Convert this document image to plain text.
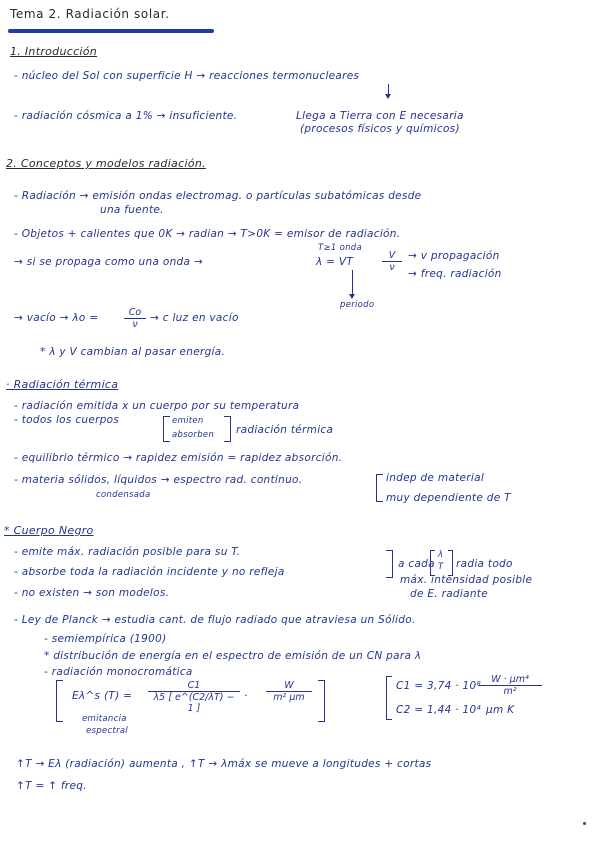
Tema 2. Radiación solar.
1. Introducción
- núcleo del Sol con superficie H → reacciones termonucleares
- radiación cósmica a 1% → insuficiente.	Llega a Tierra con E necesaria
(procesos físicos y químicos)
2. Conceptos y modelos radiación.
- Radiación → emisión ondas electromag. o partículas subatómicas desde
una fuente.
- Objetos + calientes que 0K → radian → T>0K = emisor de radiación.
T≥1 onda
→ si se propaga como una onda →	λ = VT	$\frac{V}{\nu} \to v$ propagación
→ freq. radiación
periodo
→ vacío → λo =	$\frac{Co}{\nu} \to c$ luz en vacío
* λ y V cambian al pasar energía.
· Radiación térmica
- radiación emitida x un cuerpo por su temperatura
- todos los cuerpos	emiten
absorben radiación térmica
- equilibrio térmico → rapidez emisión = rapidez absorción.
- materia sólidos, líquidos → espectro rad. continuo.
condensada
indep de material
muy dependiente de T
* Cuerpo Negro
- emite máx. radiación posible para su T.
- absorbe toda la radiación incidente y no refleja
- no existen → son modelos.
a cada
λ
T radia todo
máx. intensidad posible
de E. radiante
- Ley de Planck → estudia cant. de flujo radiado que atraviesa un Sólido.
- semiempírica (1900)
* distribución de energía en el espectro de emisión de un CN para λ
- radiación monocromática
Eλ^s $(T) = \frac{C1}{\lambda 5 [ e\^{}(C2/\lambda T) - 1 ]} \cdot \frac{W}{\text{m² μm}}$
emitancia
espectral
C1 = 3,74 · 10⁸
$\frac{\text{W · μm⁴}}{\text{m²}}$
C2 = 1,44 · 10⁴ μm K
↑T → Eλ (radiación) aumenta , ↑T → λmáx se mueve a longitudes + cortas
↑T = ↑ freq.
